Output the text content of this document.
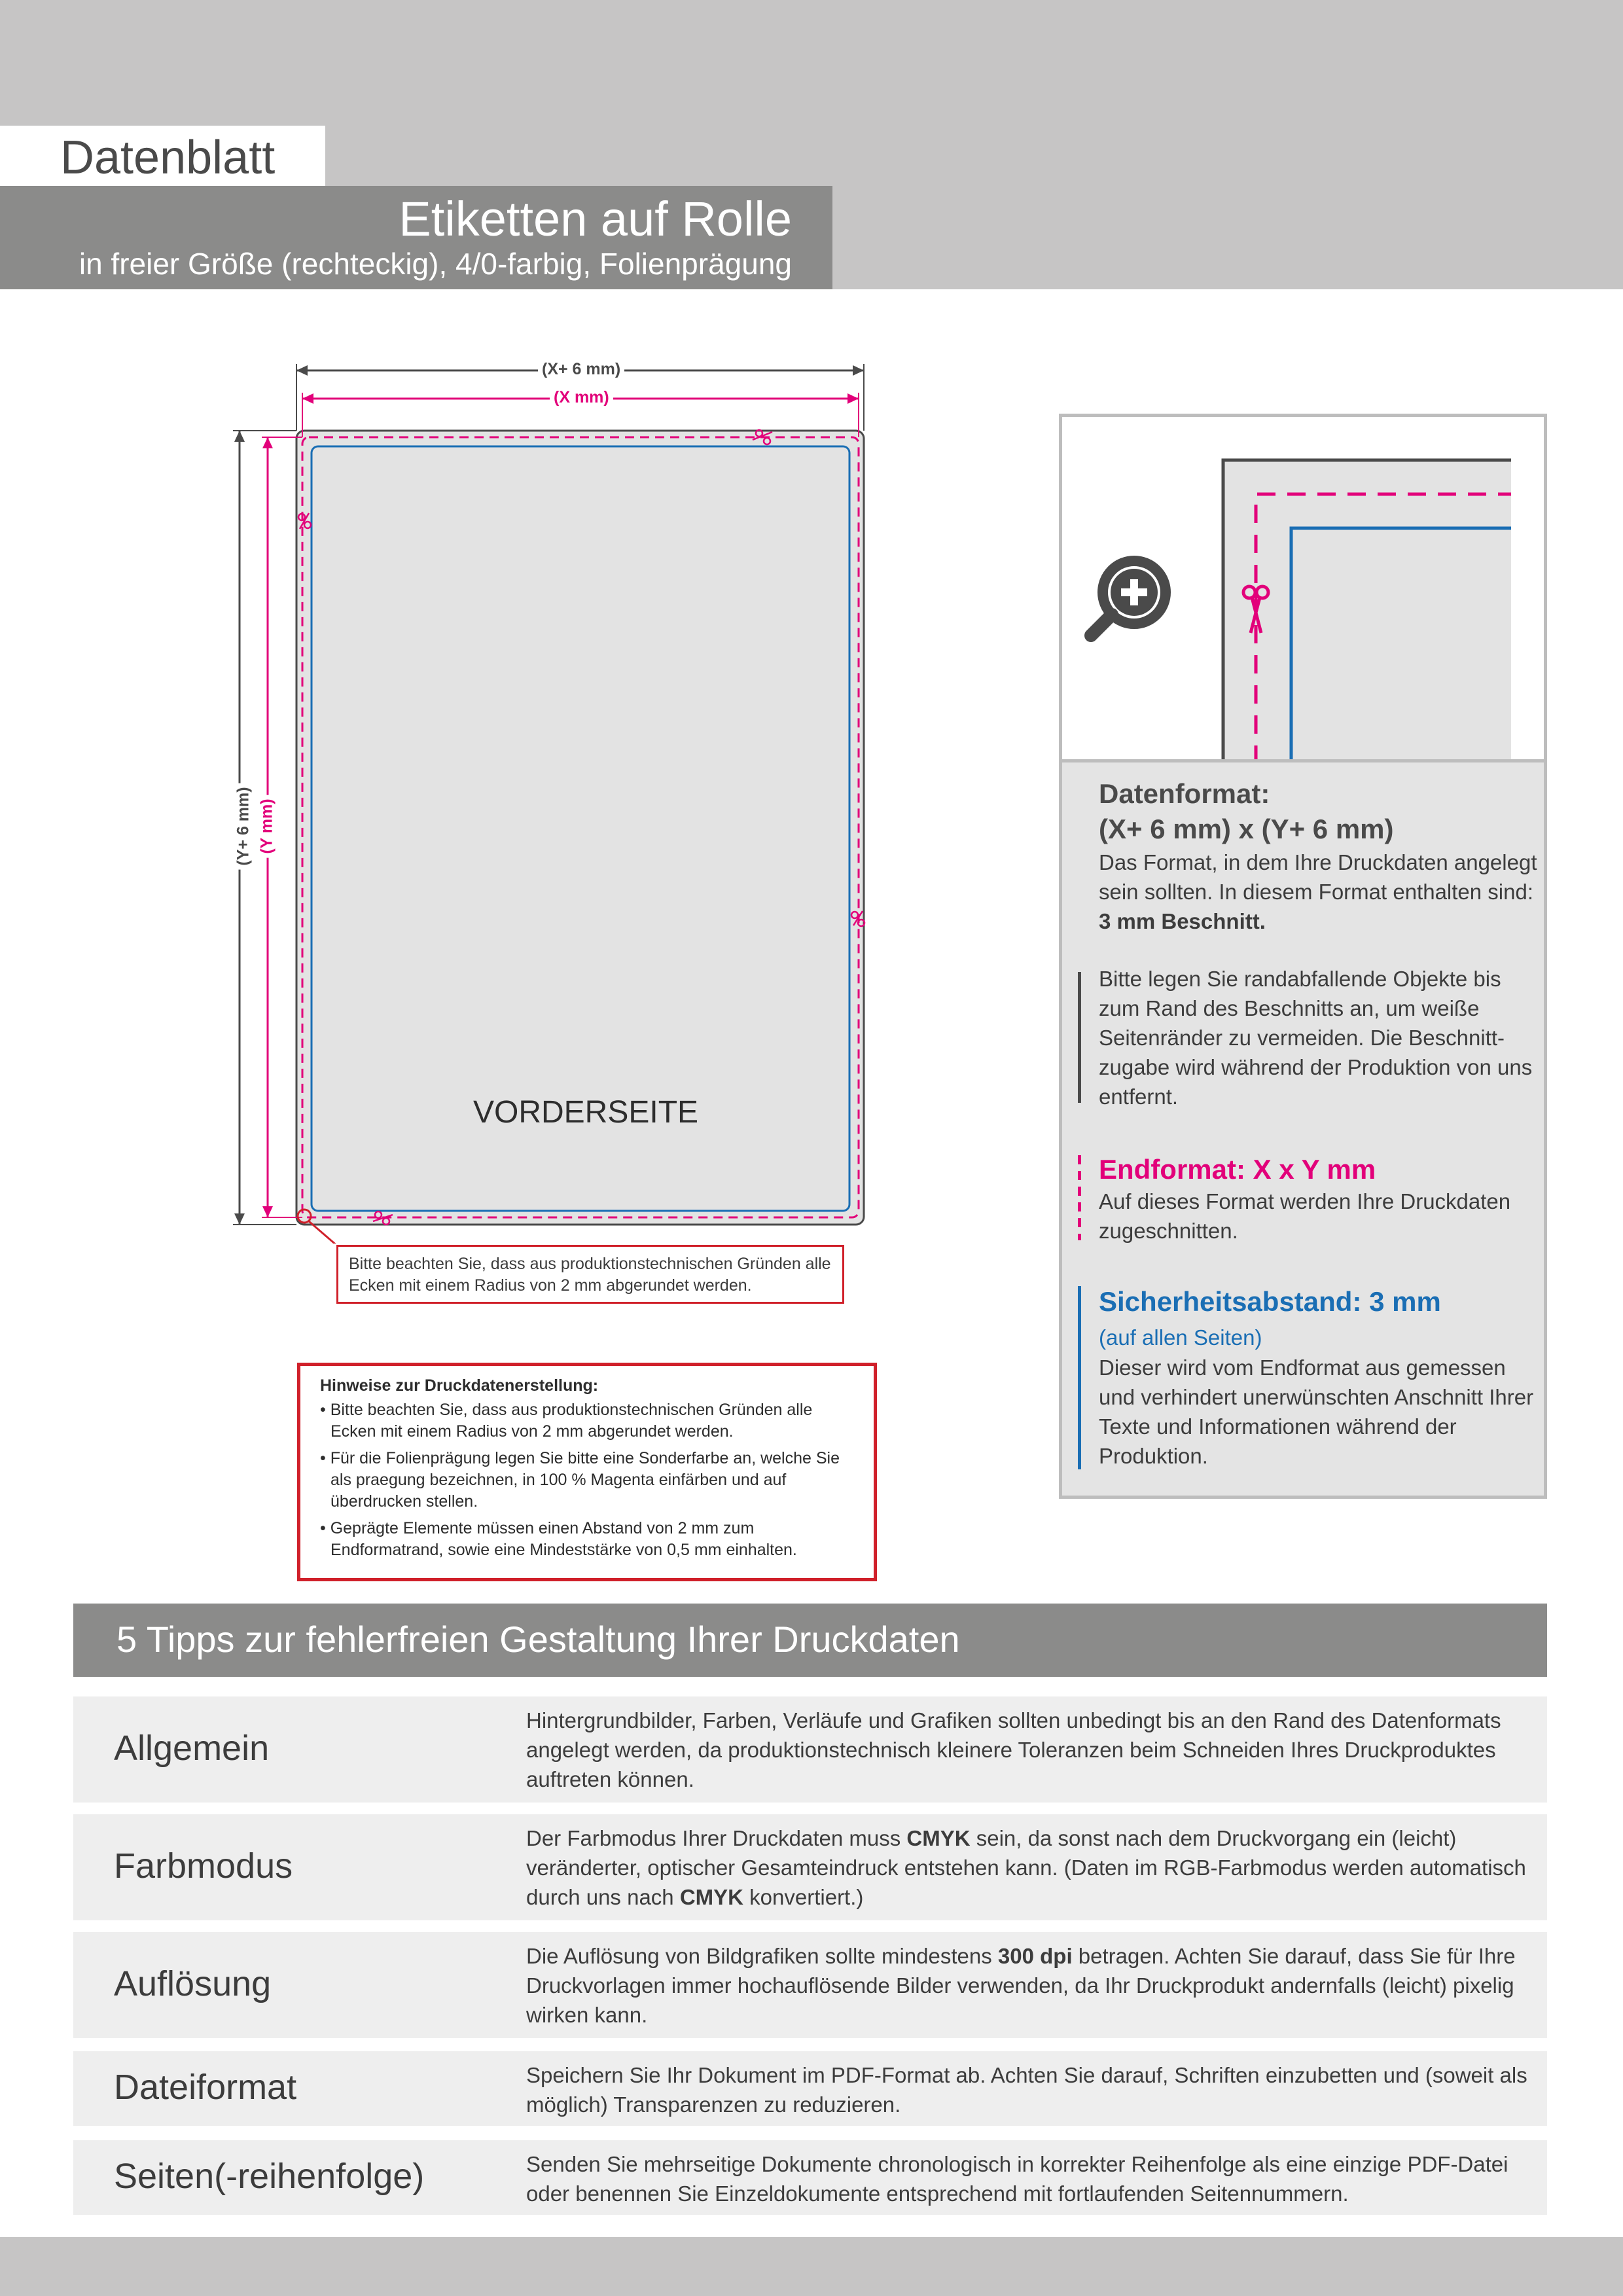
Datenblatt
Etiketten auf Rolle
in freier Größe (rechteckig), 4/0-farbig, Folienprägung
(X+ 6 mm)
(X mm)
(Y+ 6 mm) (Y mm)
VORDERSEITE
Bitte beachten Sie, dass aus produktionstechnischen Gründen alle Ecken mit einem Radius von 2 mm abgerundet werden.
Hinweise zur Druckdatenerstellung:
• Bitte beachten Sie, dass aus produktionstechnischen Gründen alle Ecken mit einem Radius von 2 mm abgerundet werden.
• Für die Folienprägung legen Sie bitte eine Sonderfarbe an, welche Sie als praegung bezeichnen, in 100 % Magenta einfärben und auf überdrucken stellen.
• Geprägte Elemente müssen einen Abstand von 2 mm zum Endformatrand, sowie eine Mindeststärke von 0,5 mm einhalten.
Datenformat:
(X+ 6 mm) x (Y+ 6 mm)
Das Format, in dem Ihre Druckdaten angelegt sein sollten. In diesem Format enthalten sind: 3 mm Beschnitt.
Bitte legen Sie randabfallende Objekte bis zum Rand des Beschnitts an, um weiße Seitenränder zu vermeiden. Die Beschnitt-zugabe wird während der Produktion von uns entfernt.
Endformat: X x Y mm
Auf dieses Format werden Ihre Druckdaten zugeschnitten.
Sicherheitsabstand: 3 mm
(auf allen Seiten)
Dieser wird vom Endformat aus gemessen und verhindert unerwünschten Anschnitt Ihrer Texte und Informationen während der Produktion.
5 Tipps zur fehlerfreien Gestaltung Ihrer Druckdaten
Allgemein
Hintergrundbilder, Farben, Verläufe und Grafiken sollten unbedingt bis an den Rand des Datenformats angelegt werden, da produktionstechnisch kleinere Toleranzen beim Schneiden Ihres Druckproduktes auftreten können.
Farbmodus
Der Farbmodus Ihrer Druckdaten muss CMYK sein, da sonst nach dem Druckvorgang ein (leicht) veränderter, optischer Gesamteindruck entstehen kann. (Daten im RGB-Farbmodus werden automatisch durch uns nach CMYK konvertiert.)
Auflösung
Die Auflösung von Bildgrafiken sollte mindestens 300 dpi betragen. Achten Sie darauf, dass Sie für Ihre Druckvorlagen immer hochauflösende Bilder verwenden, da Ihr Druckprodukt andernfalls (leicht) pixelig wirken kann.
Dateiformat	Speichern Sie Ihr Dokument im PDF-Format ab. Achten Sie darauf, Schriften einzubetten und (soweit als möglich) Transparenzen zu reduzieren.
Seiten(-reihenfolge)	Senden Sie mehrseitige Dokumente chronologisch in korrekter Reihenfolge als eine einzige PDF-Datei oder benennen Sie Einzeldokumente entsprechend mit fortlaufenden Seitennummern.
